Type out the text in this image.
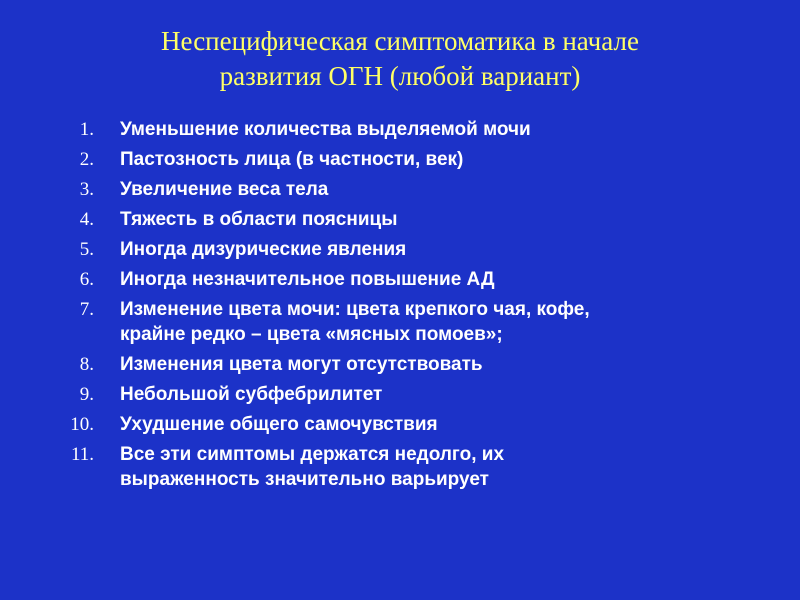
Неспецифическая симптоматика в начале
развития ОГН (любой вариант)
1. Уменьшение количества выделяемой мочи
2. Пастозность лица (в частности, век)
3. Увеличение веса тела
4. Тяжесть в области поясницы
5. Иногда дизурические явления
6. Иногда незначительное повышение АД
7. Изменение цвета мочи: цвета крепкого чая, кофе,
крайне редко – цвета «мясных помоев»;
8. Изменения цвета могут отсутствовать
9. Небольшой субфебрилитет
10. Ухудшение общего самочувствия
11. Все эти симптомы держатся недолго, их
выраженность значительно варьирует
